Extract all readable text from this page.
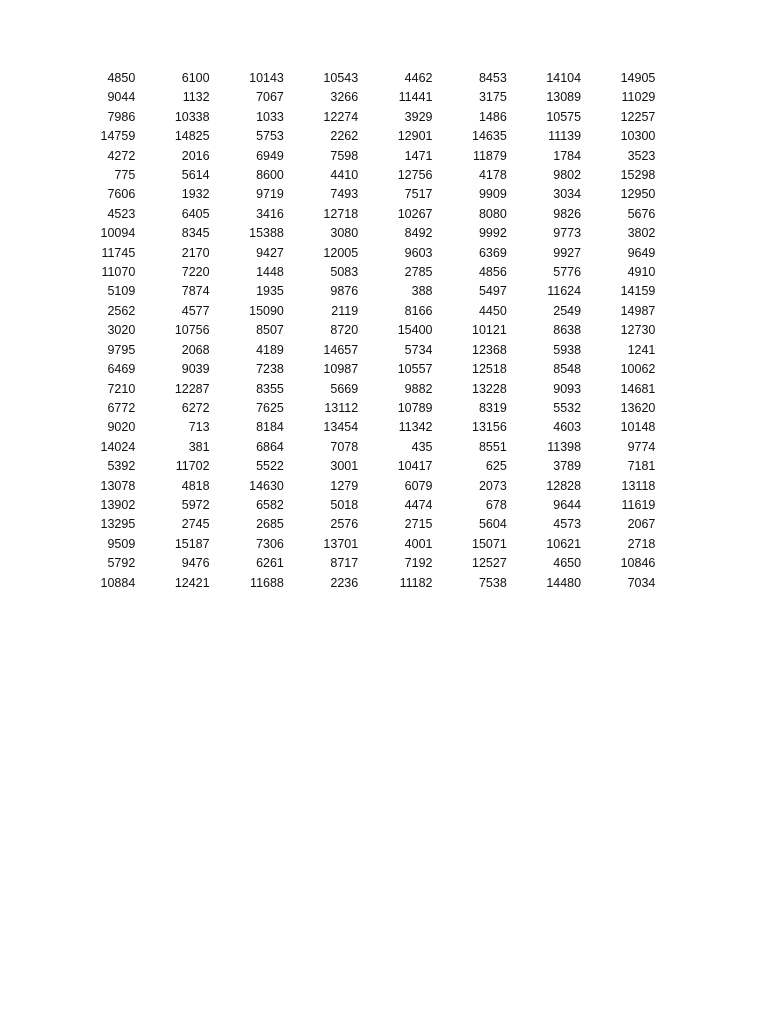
4850	6100	10143	10543	4462	8453	14104	14905
9044	1132	7067	3266	11441	3175	13089	11029
7986	10338	1033	12274	3929	1486	10575	12257
14759	14825	5753	2262	12901	14635	11139	10300
4272	2016	6949	7598	1471	11879	1784	3523
775	5614	8600	4410	12756	4178	9802	15298
7606	1932	9719	7493	7517	9909	3034	12950
4523	6405	3416	12718	10267	8080	9826	5676
10094	8345	15388	3080	8492	9992	9773	3802
11745	2170	9427	12005	9603	6369	9927	9649
11070	7220	1448	5083	2785	4856	5776	4910
5109	7874	1935	9876	388	5497	11624	14159
2562	4577	15090	2119	8166	4450	2549	14987
3020	10756	8507	8720	15400	10121	8638	12730
9795	2068	4189	14657	5734	12368	5938	1241
6469	9039	7238	10987	10557	12518	8548	10062
7210	12287	8355	5669	9882	13228	9093	14681
6772	6272	7625	13112	10789	8319	5532	13620
9020	713	8184	13454	11342	13156	4603	10148
14024	381	6864	7078	435	8551	11398	9774
5392	11702	5522	3001	10417	625	3789	7181
13078	4818	14630	1279	6079	2073	12828	13118
13902	5972	6582	5018	4474	678	9644	11619
13295	2745	2685	2576	2715	5604	4573	2067
9509	15187	7306	13701	4001	15071	10621	2718
5792	9476	6261	8717	7192	12527	4650	10846
10884	12421	11688	2236	11182	7538	14480	7034
